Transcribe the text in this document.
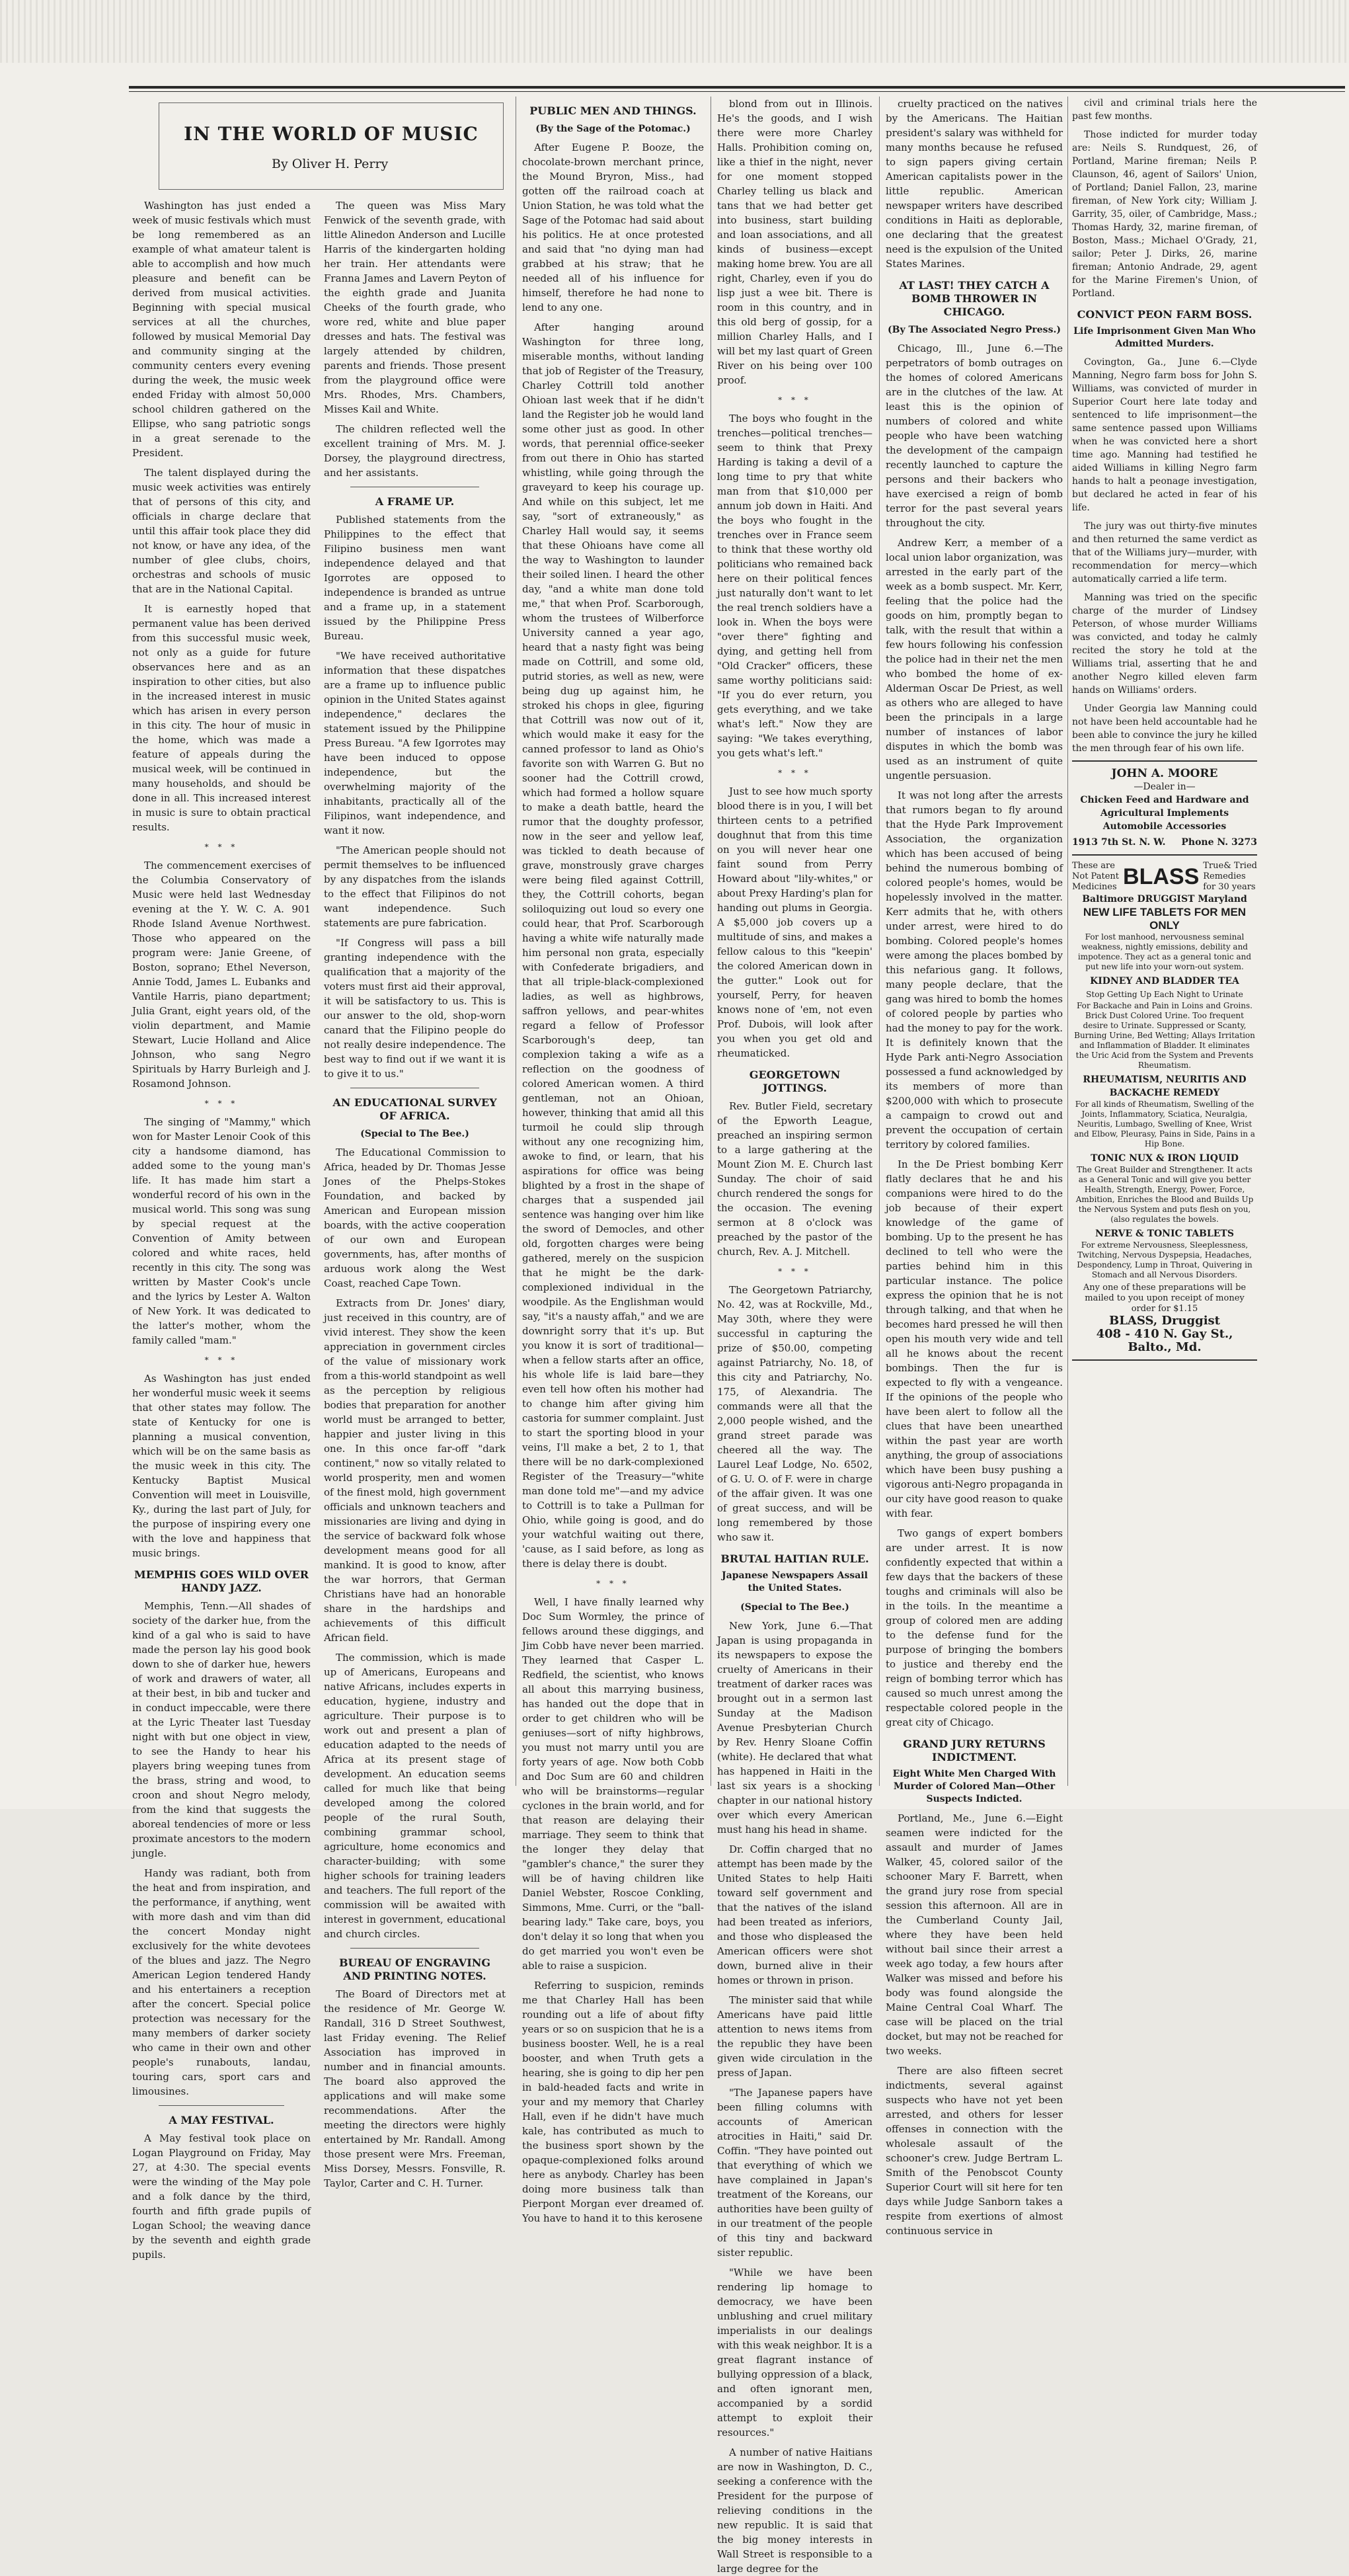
IN THE WORLD OF MUSIC
By Oliver H. Perry

Washington has just ended a week of music festivals which must be long remembered as an example of what amateur talent is able to accomplish and how much pleasure and benefit can be derived from musical activities. Beginning with special musical services at all the churches, followed by musical Memorial Day and community singing at the community centers every evening during the week, the music week ended Friday with almost 50,000 school children gathered on the Ellipse, who sang patriotic songs in a great serenade to the President.

The talent displayed during the music week activities was entirely that of persons of this city, and officials in charge declare that until this affair took place they did not know, or have any idea, of the number of glee clubs, choirs, orchestras and schools of music that are in the National Capital.

It is earnestly hoped that permanent value has been derived from this successful music week, not only as a guide for future observances here and as an inspiration to other cities, but also in the increased interest in music which has arisen in every person in this city. The hour of music in the home, which was made a feature of appeals during the musical week, will be continued in many households, and should be done in all. This increased interest in music is sure to obtain practical results.

* * *

The commencement exercises of the Columbia Conservatory of Music were held last Wednesday evening at the Y. W. C. A. 901 Rhode Island Avenue Northwest. Those who appeared on the program were: Janie Greene, of Boston, soprano; Ethel Neverson, Annie Todd, James L. Eubanks and Vantile Harris, piano department; Julia Grant, eight years old, of the violin department, and Mamie Stewart, Lucie Holland and Alice Johnson, who sang Negro Spirituals by Harry Burleigh and J. Rosamond Johnson.

* * *

The singing of "Mammy," which won for Master Lenoir Cook of this city a handsome diamond, has added some to the young man's life. It has made him start a wonderful record of his own in the musical world. This song was sung by special request at the Convention of Amity between colored and white races, held recently in this city. The song was written by Master Cook's uncle and the lyrics by Lester A. Walton of New York. It was dedicated to the latter's mother, whom the family called "mam."

* * *

As Washington has just ended her wonderful music week it seems that other states may follow. The state of Kentucky for one is planning a musical convention, which will be on the same basis as the music week in this city. The Kentucky Baptist Musical Convention will meet in Louisville, Ky., during the last part of July, for the purpose of inspiring every one with the love and happiness that music brings.

MEMPHIS GOES WILD OVER HANDY JAZZ.

Memphis, Tenn.—All shades of society of the darker hue, from the kind of a gal who is said to have made the person lay his good book down to she of darker hue, hewers of work and drawers of water, all at their best, in bib and tucker and in conduct impeccable, were there at the Lyric Theater last Tuesday night with but one object in view, to see the Handy to hear his players bring weeping tunes from the brass, string and wood, to croon and shout Negro melody, from the kind that suggests the aboreal tendencies of more or less proximate ancestors to the modern jungle.

Handy was radiant, both from the heat and from inspiration, and the performance, if anything, went with more dash and vim than did the concert Monday night exclusively for the white devotees of the blues and jazz. The Negro American Legion tendered Handy and his entertainers a reception after the concert. Special police protection was necessary for the many members of darker society who came in their own and other people's runabouts, landau, touring cars, sport cars and limousines.

A MAY FESTIVAL.

A May festival took place on Logan Playground on Friday, May 27, at 4:30. The special events were the winding of the May pole and a folk dance by the third, fourth and fifth grade pupils of Logan School; the weaving dance by the seventh and eighth grade pupils.

The queen was Miss Mary Fenwick of the seventh grade, with little Alinedon Anderson and Lucille Harris of the kindergarten holding her train. Her attendants were Franna James and Lavern Peyton of the eighth grade and Juanita Cheeks of the fourth grade, who wore red, white and blue paper dresses and hats. The festival was largely attended by children, parents and friends. Those present from the playground office were Mrs. Rhodes, Mrs. Chambers, Misses Kail and White.

The children reflected well the excellent training of Mrs. M. J. Dorsey, the playground directress, and her assistants.

A FRAME UP.

Published statements from the Philippines to the effect that Filipino business men want independence delayed and that Igorrotes are opposed to independence is branded as untrue and a frame up, in a statement issued by the Philippine Press Bureau.

"We have received authoritative information that these dispatches are a frame up to influence public opinion in the United States against independence," declares the statement issued by the Philippine Press Bureau. "A few Igorrotes may have been induced to oppose independence, but the overwhelming majority of the inhabitants, practically all of the Filipinos, want independence, and want it now.

"The American people should not permit themselves to be influenced by any dispatches from the islands to the effect that Filipinos do not want independence. Such statements are pure fabrication.

"If Congress will pass a bill granting independence with the qualification that a majority of the voters must first aid their approval, it will be satisfactory to us. This is our answer to the old, shop-worn canard that the Filipino people do not really desire independence. The best way to find out if we want it is to give it to us."

AN EDUCATIONAL SURVEY OF AFRICA.
(Special to The Bee.)

The Educational Commission to Africa, headed by Dr. Thomas Jesse Jones of the Phelps-Stokes Foundation, and backed by American and European mission boards, with the active cooperation of our own and European governments, has, after months of arduous work along the West Coast, reached Cape Town.

Extracts from Dr. Jones' diary, just received in this country, are of vivid interest. They show the keen appreciation in government circles of the value of missionary work from a this-world standpoint as well as the perception by religious bodies that preparation for another world must be arranged to better, happier and juster living in this one. In this once far-off "dark continent," now so vitally related to world prosperity, men and women of the finest mold, high government officials and unknown teachers and missionaries are living and dying in the service of backward folk whose development means good for all mankind. It is good to know, after the war horrors, that German Christians have had an honorable share in the hardships and achievements of this difficult African field.

The commission, which is made up of Americans, Europeans and native Africans, includes experts in education, hygiene, industry and agriculture. Their purpose is to work out and present a plan of education adapted to the needs of Africa at its present stage of development. An education seems called for much like that being developed among the colored people of the rural South, combining grammar school, agriculture, home economics and character-building; with some higher schools for training leaders and teachers. The full report of the commission will be awaited with interest in government, educational and church circles.

BUREAU OF ENGRAVING AND PRINTING NOTES.

The Board of Directors met at the residence of Mr. George W. Randall, 316 D Street Southwest, last Friday evening. The Relief Association has improved in number and in financial amounts. The board also approved the applications and will make some recommendations. After the meeting the directors were highly entertained by Mr. Randall. Among those present were Mrs. Freeman, Miss Dorsey, Messrs. Fonsville, R. Taylor, Carter and C. H. Turner.

PUBLIC MEN AND THINGS.
(By the Sage of the Potomac.)

After Eugene P. Booze, the chocolate-brown merchant prince, the Mound Bryron, Miss., had gotten off the railroad coach at Union Station, he was told what the Sage of the Potomac had said about his politics. He at once protested and said that "no dying man had grabbed at his straw; that he needed all of his influence for himself, therefore he had none to lend to any one.

After hanging around Washington for three long, miserable months, without landing that job of Register of the Treasury, Charley Cottrill told another Ohioan last week that if he didn't land the Register job he would land some other just as good. In other words, that perennial office-seeker from out there in Ohio has started whistling, while going through the graveyard to keep his courage up. And while on this subject, let me say, "sort of extraneously," as Charley Hall would say, it seems that these Ohioans have come all the way to Washington to launder their soiled linen. I heard the other day, "and a white man done told me," that when Prof. Scarborough, whom the trustees of Wilberforce University canned a year ago, heard that a nasty fight was being made on Cottrill, and some old, putrid stories, as well as new, were being dug up against him, he stroked his chops in glee, figuring that Cottrill was now out of it, which would make it easy for the canned professor to land as Ohio's favorite son with Warren G. But no sooner had the Cottrill crowd, which had formed a hollow square to make a death battle, heard the rumor that the doughty professor, now in the seer and yellow leaf, was tickled to death because of grave, monstrously grave charges were being filed against Cottrill, they, the Cottrill cohorts, began soliloquizing out loud so every one could hear, that Prof. Scarborough having a white wife naturally made him personal non grata, especially with Confederate brigadiers, and that all triple-black-complexioned ladies, as well as highbrows, saffron yellows, and pear-whites regard a fellow of Professor Scarborough's deep, tan complexion taking a wife as a reflection on the goodness of colored American women. A third gentleman, not an Ohioan, however, thinking that amid all this turmoil he could slip through without any one recognizing him, awoke to find, or learn, that his aspirations for office was being blighted by a frost in the shape of charges that a suspended jail sentence was hanging over him like the sword of Democles, and other old, forgotten charges were being gathered, merely on the suspicion that he might be the dark-complexioned individual in the woodpile. As the Englishman would say, "it's a nausty affah," and we are downright sorry that it's up. But you know it is sort of traditional—when a fellow starts after an office, his whole life is laid bare—they even tell how often his mother had to change him after giving him castoria for summer complaint. Just to start the sporting blood in your veins, I'll make a bet, 2 to 1, that there will be no dark-complexioned Register of the Treasury—"white man done told me"—and my advice to Cottrill is to take a Pullman for Ohio, while going is good, and do your watchful waiting out there, 'cause, as I said before, as long as there is delay there is doubt.

* * *

Well, I have finally learned why Doc Sum Wormley, the prince of fellows around these diggings, and Jim Cobb have never been married. They learned that Casper L. Redfield, the scientist, who knows all about this marrying business, has handed out the dope that in order to get children who will be geniuses—sort of nifty highbrows, you must not marry until you are forty years of age. Now both Cobb and Doc Sum are 60 and children who will be brainstorms—regular cyclones in the brain world, and for that reason are delaying their marriage. They seem to think that the longer they delay that "gambler's chance," the surer they will be of having children like Daniel Webster, Roscoe Conkling, Simmons, Mme. Curri, or the "ball-bearing lady." Take care, boys, you don't delay it so long that when you do get married you won't even be able to raise a suspicion.

Referring to suspicion, reminds me that Charley Hall has been rounding out a life of about fifty years or so on suspicion that he is a business booster. Well, he is a real booster, and when Truth gets a hearing, she is going to dip her pen in bald-headed facts and write in your and my memory that Charley Hall, even if he didn't have much kale, has contributed as much to the business sport shown by the opaque-complexioned folks around here as anybody. Charley has been doing more business talk than Pierpont Morgan ever dreamed of. You have to hand it to this kerosene

blond from out in Illinois. He's the goods, and I wish there were more Charley Halls. Prohibition coming on, like a thief in the night, never for one moment stopped Charley telling us black and tans that we had better get into business, start building and loan associations, and all kinds of business—except making home brew. You are all right, Charley, even if you do lisp just a wee bit. There is room in this country, and in this old berg of gossip, for a million Charley Halls, and I will bet my last quart of Green River on his being over 100 proof.

* * *

The boys who fought in the trenches—political trenches—seem to think that Prexy Harding is taking a devil of a long time to pry that white man from that $10,000 per annum job down in Haiti. And the boys who fought in the trenches over in France seem to think that these worthy old politicians who remained back here on their political fences just naturally don't want to let the real trench soldiers have a look in. When the boys were "over there" fighting and dying, and getting hell from "Old Cracker" officers, these same worthy politicians said: "If you do ever return, you gets everything, and we take what's left." Now they are saying: "We takes everything, you gets what's left."

* * *

Just to see how much sporty blood there is in you, I will bet thirteen cents to a petrified doughnut that from this time on you will never hear one faint sound from Perry Howard about "lily-whites," or about Prexy Harding's plan for handing out plums in Georgia. A $5,000 job covers up a multitude of sins, and makes a fellow calous to this "keepin' the colored American down in the gutter." Look out for yourself, Perry, for heaven knows none of 'em, not even Prof. Dubois, will look after you when you get old and rheumaticked.

GEORGETOWN JOTTINGS.

Rev. Butler Field, secretary of the Epworth League, preached an inspiring sermon to a large gathering at the Mount Zion M. E. Church last Sunday. The choir of said church rendered the songs for the occasion. The evening sermon at 8 o'clock was preached by the pastor of the church, Rev. A. J. Mitchell.

* * *

The Georgetown Patriarchy, No. 42, was at Rockville, Md., May 30th, where they were successful in capturing the prize of $50.00, competing against Patriarchy, No. 18, of this city and Patriarchy, No. 175, of Alexandria. The commands were all that the 2,000 people wished, and the grand street parade was cheered all the way. The Laurel Leaf Lodge, No. 6502, of G. U. O. of F. were in charge of the affair given. It was one of great success, and will be long remembered by those who saw it.

BRUTAL HAITIAN RULE.
Japanese Newspapers Assail the United States.
(Special to The Bee.)

New York, June 6.—That Japan is using propaganda in its newspapers to expose the cruelty of Americans in their treatment of darker races was brought out in a sermon last Sunday at the Madison Avenue Presbyterian Church by Rev. Henry Sloane Coffin (white). He declared that what has happened in Haiti in the last six years is a shocking chapter in our national history over which every American must hang his head in shame.

Dr. Coffin charged that no attempt has been made by the United States to help Haiti toward self government and that the natives of the island had been treated as inferiors, and those who displeased the American officers were shot down, burned alive in their homes or thrown in prison.

The minister said that while Americans have paid little attention to news items from the republic they have been given wide circulation in the press of Japan.

"The Japanese papers have been filling columns with accounts of American atrocities in Haiti," said Dr. Coffin. "They have pointed out that everything of which we have complained in Japan's treatment of the Koreans, our authorities have been guilty of in our treatment of the people of this tiny and backward sister republic.

"While we have been rendering lip homage to democracy, we have been unblushing and cruel military imperialists in our dealings with this weak neighbor. It is a great flagrant instance of bullying oppression of a black, and often ignorant men, accompanied by a sordid attempt to exploit their resources."

A number of native Haitians are now in Washington, D. C., seeking a conference with the President for the purpose of relieving conditions in the new republic. It is said that the big money interests in Wall Street is responsible to a large degree for the

cruelty practiced on the natives by the Americans. The Haitian president's salary was withheld for many months because he refused to sign papers giving certain American capitalists power in the little republic. American newspaper writers have described conditions in Haiti as deplorable, one declaring that the greatest need is the expulsion of the United States Marines.

AT LAST! THEY CATCH A BOMB THROWER IN CHICAGO.
(By The Associated Negro Press.)

Chicago, Ill., June 6.—The perpetrators of bomb outrages on the homes of colored Americans are in the clutches of the law. At least this is the opinion of numbers of colored and white people who have been watching the development of the campaign recently launched to capture the persons and their backers who have exercised a reign of bomb terror for the past several years throughout the city.

Andrew Kerr, a member of a local union labor organization, was arrested in the early part of the week as a bomb suspect. Mr. Kerr, feeling that the police had the goods on him, promptly began to talk, with the result that within a few hours following his confession the police had in their net the men who bombed the home of ex-Alderman Oscar De Priest, as well as others who are alleged to have been the principals in a large number of instances of labor disputes in which the bomb was used as an instrument of quite ungentle persuasion.

It was not long after the arrests that rumors began to fly around that the Hyde Park Improvement Association, the organization which has been accused of being behind the numerous bombing of colored people's homes, would be hopelessly involved in the matter. Kerr admits that he, with others under arrest, were hired to do bombing. Colored people's homes were among the places bombed by this nefarious gang. It follows, many people declare, that the gang was hired to bomb the homes of colored people by parties who had the money to pay for the work. It is definitely known that the Hyde Park anti-Negro Association possessed a fund acknowledged by its members of more than $200,000 with which to prosecute a campaign to crowd out and prevent the occupation of certain territory by colored families.

In the De Priest bombing Kerr flatly declares that he and his companions were hired to do the job because of their expert knowledge of the game of bombing. Up to the present he has declined to tell who were the parties behind him in this particular instance. The police express the opinion that he is not through talking, and that when he becomes hard pressed he will then open his mouth very wide and tell all he knows about the recent bombings. Then the fur is expected to fly with a vengeance. If the opinions of the people who have been alert to follow all the clues that have been unearthed within the past year are worth anything, the group of associations which have been busy pushing a vigorous anti-Negro propaganda in our city have good reason to quake with fear.

Two gangs of expert bombers are under arrest. It is now confidently expected that within a few days that the backers of these toughs and criminals will also be in the toils. In the meantime a group of colored men are adding to the defense fund for the purpose of bringing the bombers to justice and thereby end the reign of bombing terror which has caused so much unrest among the respectable colored people in the great city of Chicago.

GRAND JURY RETURNS INDICTMENT.
Eight White Men Charged With Murder of Colored Man—Other Suspects Indicted.

Portland, Me., June 6.—Eight seamen were indicted for the assault and murder of James Walker, 45, colored sailor of the schooner Mary F. Barrett, when the grand jury rose from special session this afternoon. All are in the Cumberland County Jail, where they have been held without bail since their arrest a week ago today, a few hours after Walker was missed and before his body was found alongside the Maine Central Coal Wharf. The case will be placed on the trial docket, but may not be reached for two weeks.

There are also fifteen secret indictments, several against suspects who have not yet been arrested, and others for lesser offenses in connection with the wholesale assault of the schooner's crew. Judge Bertram L. Smith of the Penobscot County Superior Court will sit here for ten days while Judge Sanborn takes a respite from exertions of almost continuous service in

civil and criminal trials here the past few months.

Those indicted for murder today are: Neils S. Rundquest, 26, of Portland, Marine fireman; Neils P. Claunson, 46, agent of Sailors' Union, of Portland; Daniel Fallon, 23, marine fireman, of New York city; William J. Garrity, 35, oiler, of Cambridge, Mass.; Thomas Hardy, 32, marine fireman, of Boston, Mass.; Michael O'Grady, 21, sailor; Peter J. Dirks, 26, marine fireman; Antonio Andrade, 29, agent for the Marine Firemen's Union, of Portland.

CONVICT PEON FARM BOSS.
Life Imprisonment Given Man Who Admitted Murders.

Covington, Ga., June 6.—Clyde Manning, Negro farm boss for John S. Williams, was convicted of murder in Superior Court here late today and sentenced to life imprisonment—the same sentence passed upon Williams when he was convicted here a short time ago. Manning had testified he aided Williams in killing Negro farm hands to halt a peonage investigation, but declared he acted in fear of his life.

The jury was out thirty-five minutes and then returned the same verdict as that of the Williams jury—murder, with recommendation for mercy—which automatically carried a life term.

Manning was tried on the specific charge of the murder of Lindsey Peterson, of whose murder Williams was convicted, and today he calmly recited the story he told at the Williams trial, asserting that he and another Negro killed eleven farm hands on Williams' orders.

Under Georgia law Manning could not have been held accountable had he been able to convince the jury he killed the men through fear of his own life.

JOHN A. MOORE
—Dealer in—
Chicken Feed and Hardware and
Agricultural Implements
Automobile Accessories
1913 7th St. N. W. Phone N. 3273
These are
Not Patent
Medicines BLASS True& Tried
Remedies
for 30 years
Baltimore DRUGGIST Maryland
NEW LIFE TABLETS FOR MEN ONLY
For lost manhood, nervousness seminal weakness, nightly emissions, debility and impotence. They act as a general tonic and put new life into your worn-out system.
KIDNEY AND BLADDER TEA
Stop Getting Up Each Night to Urinate
For Backache and Pain in Loins and Groins. Brick Dust Colored Urine. Too frequent desire to Urinate. Suppressed or Scanty, Burning Urine, Bed Wetting; Allays Irritation and Inflammation of Bladder. It eliminates the Uric Acid from the System and Prevents Rheumatism.
RHEUMATISM, NEURITIS AND BACKACHE REMEDY
For all kinds of Rheumatism, Swelling of the Joints, Inflammatory, Sciatica, Neuralgia, Neuritis, Lumbago, Swelling of Knee, Wrist and Elbow, Pleurasy, Pains in Side, Pains in a Hip Bone.
TONIC NUX & IRON LIQUID
The Great Builder and Strengthener. It acts as a General Tonic and will give you better Health, Strength, Energy, Power, Force, Ambition, Enriches the Blood and Builds Up the Nervous System and puts flesh on you, (also regulates the bowels.
NERVE & TONIC TABLETS
For extreme Nervousness, Sleeplessness, Twitching, Nervous Dyspepsia, Headaches, Despondency, Lump in Throat, Quivering in Stomach and all Nervous Disorders.
Any one of these preparations will be mailed to you upon receipt of money order for $1.15
BLASS, Druggist
408 - 410 N. Gay St.,
Balto., Md.
